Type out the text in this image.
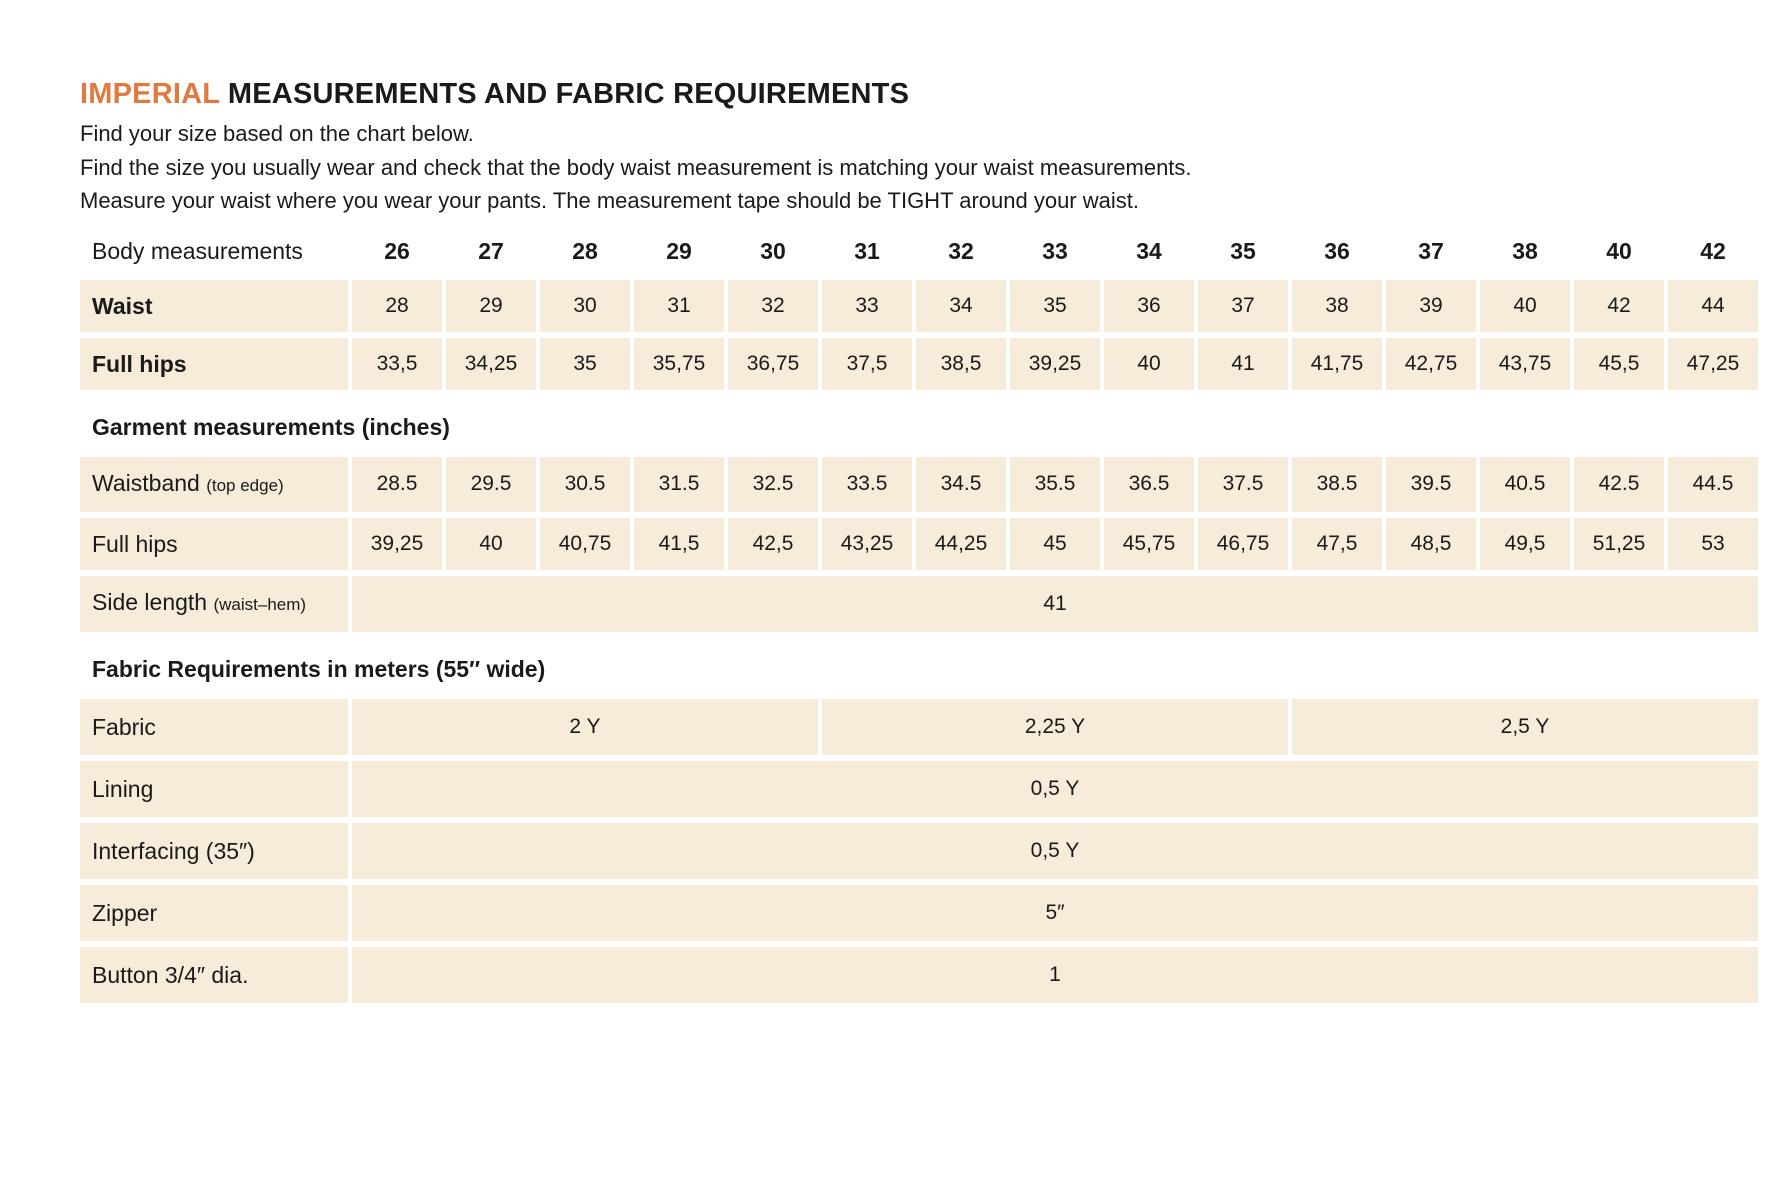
IMPERIAL MEASUREMENTS AND FABRIC REQUIREMENTS
Find your size based on the chart below.
Find the size you usually wear and check that the body waist measurement is matching your waist measurements.
Measure your waist where you wear your pants. The measurement tape should be TIGHT around your waist.
Body measurements	26	27	28	29	30	31	32	33	34	35	36	37	38	40	42
Waist	28	29	30	31	32	33	34	35	36	37	38	39	40	42	44
Full hips	33,5	34,25	35	35,75	36,75	37,5	38,5	39,25	40	41	41,75	42,75	43,75	45,5	47,25
Garment measurements (inches)
Waistband (top edge)	28.5	29.5	30.5	31.5	32.5	33.5	34.5	35.5	36.5	37.5	38.5	39.5	40.5	42.5	44.5
Full hips	39,25	40	40,75	41,5	42,5	43,25	44,25	45	45,75	46,75	47,5	48,5	49,5	51,25	53
Side length (waist–hem)	41														
Fabric Requirements in meters (55″ wide)
Fabric	2 Y	2,25 Y	2,5 Y
Lining	0,5 Y		
Interfacing (35″)	0,5 Y		
Zipper	5″		
Button 3/4″ dia.	1		
